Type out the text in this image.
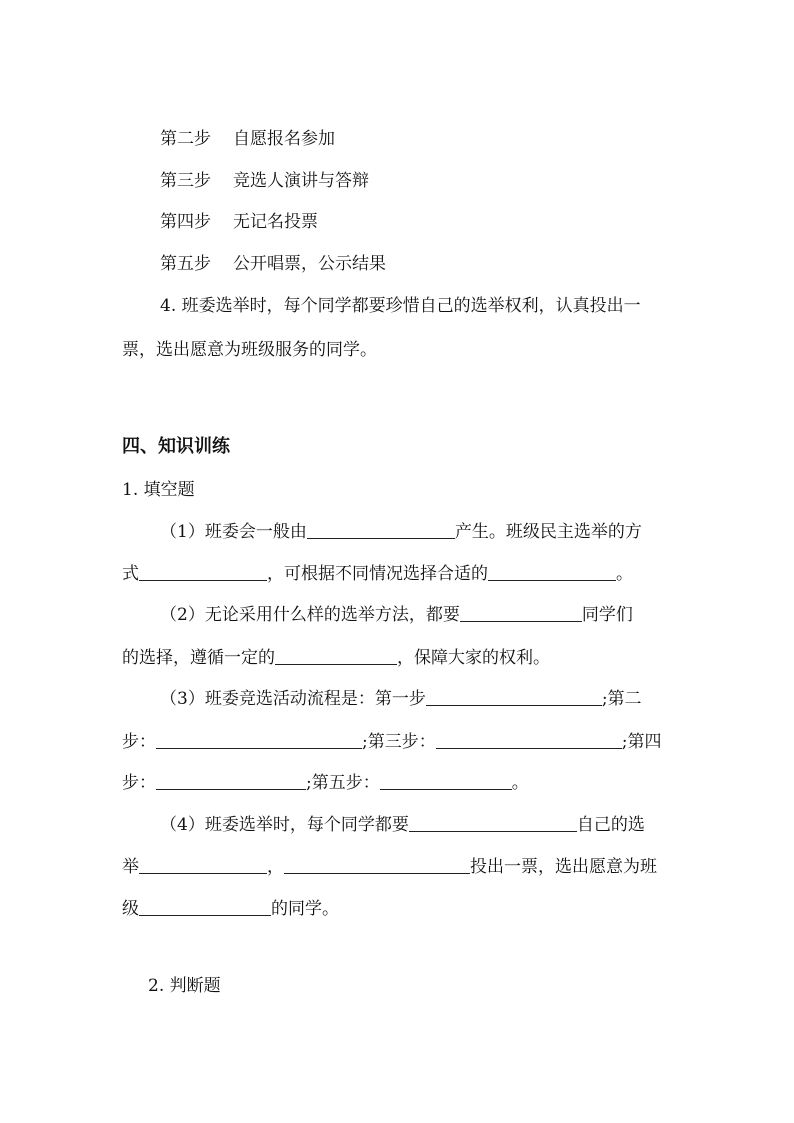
第二步 自愿报名参加
第三步 竞选人演讲与答辩
第四步 无记名投票
第五步 公开唱票，公示结果
4. 班委选举时，每个同学都要珍惜自己的选举权利，认真投出一
票，选出愿意为班级服务的同学。
四、知识训练
1. 填空题
（1）班委会一般由	产生。班级民主选举的方
式	，可根据不同情况选择合适的	。
（2）无论采用什么样的选举方法，都要	同学们
的选择，遵循一定的	，保障大家的权利。
（3）班委竞选活动流程是：第一步	;第二
步：	;第三步：	;第四
步：	;第五步：	。
（4）班委选举时，每个同学都要	自己的选
举	，	投出一票，选出愿意为班
级	的同学。
2. 判断题
